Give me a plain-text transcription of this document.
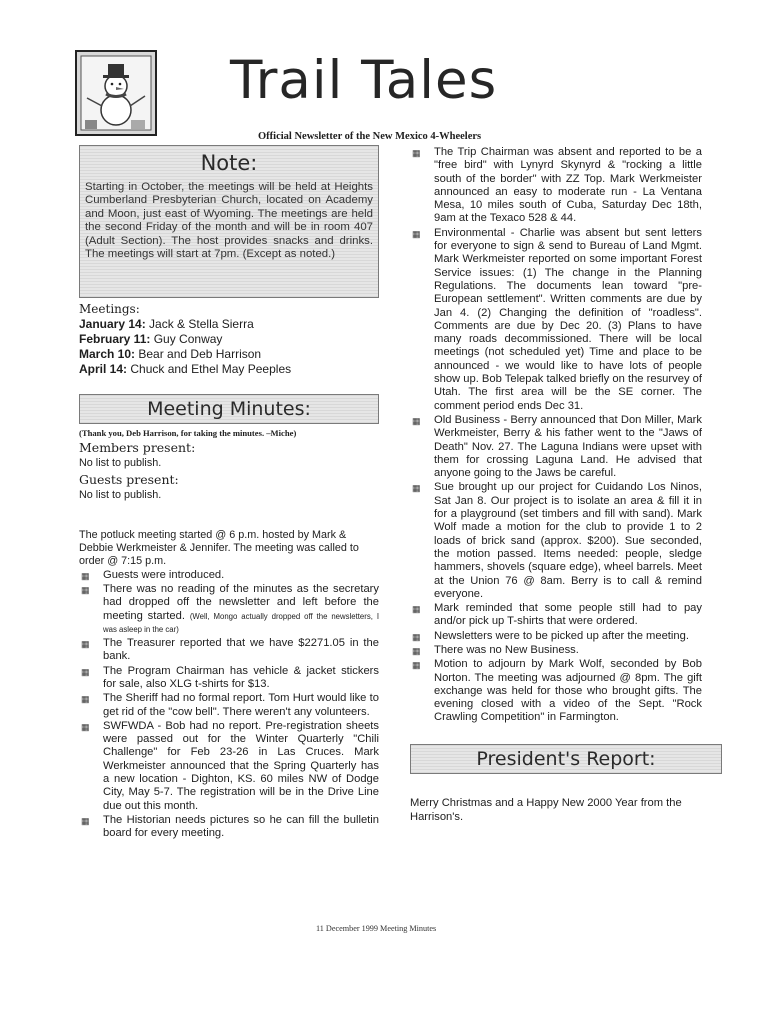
Trail Tales
Official Newsletter of the New Mexico 4-Wheelers
Note:
Starting in October, the meetings will be held at Heights Cumberland Presbyterian Church, located on Academy and Moon, just east of Wyoming. The meetings are held the second Friday of the month and will be in room 407 (Adult Section). The host provides snacks and drinks. The meetings will start at 7pm. (Except as noted.)
Meetings:
January 14: Jack & Stella Sierra
February 11: Guy Conway
March 10: Bear and Deb Harrison
April 14: Chuck and Ethel May Peeples
Meeting Minutes:
(Thank you, Deb Harrison, for taking the minutes. –Miche)
Members present:
No list to publish.
Guests present:
No list to publish.
The potluck meeting started @ 6 p.m. hosted by Mark & Debbie Werkmeister & Jennifer. The meeting was called to order @ 7:15 p.m.
▦	Guests were introduced.
▦	There was no reading of the minutes as the secretary had dropped off the newsletter and left before the meeting started. (Well, Mongo actually dropped off the newsletters, I was asleep in the car)
▦	The Treasurer reported that we have $2271.05 in the bank.
▦	The Program Chairman has vehicle & jacket stickers for sale, also XLG t-shirts for $13.
▦	The Sheriff had no formal report. Tom Hurt would like to get rid of the "cow bell". There weren't any volunteers.
▦	SWFWDA - Bob had no report. Pre-registration sheets were passed out for the Winter Quarterly "Chili Challenge" for Feb 23-26 in Las Cruces. Mark Werkmeister announced that the Spring Quarterly has a new location - Dighton, KS. 60 miles NW of Dodge City, May 5-7. The registration will be in the Drive Line due out this month.
▦	The Historian needs pictures so he can fill the bulletin board for every meeting.
▦	The Trip Chairman was absent and reported to be a "free bird" with Lynyrd Skynyrd & "rocking a little south of the border" with ZZ Top. Mark Werkmeister announced an easy to moderate run - La Ventana Mesa, 10 miles south of Cuba, Saturday Dec 18th, 9am at the Texaco 528 & 44.
▦	Environmental - Charlie was absent but sent letters for everyone to sign & send to Bureau of Land Mgmt. Mark Werkmeister reported on some important Forest Service issues: (1) The change in the Planning Regulations. The documents lean toward "pre-European settlement". Written comments are due by Jan 4. (2) Changing the definition of "roadless". Comments are due by Dec 20. (3) Plans to have many roads decommissioned. There will be local meetings (not scheduled yet) Time and place to be announced - we would like to have lots of people show up. Bob Telepak talked briefly on the resurvey of Utah. The first area will be the SE corner. The comment period ends Dec 31.
▦	Old Business - Berry announced that Don Miller, Mark Werkmeister, Berry & his father went to the "Jaws of Death" Nov. 27. The Laguna Indians were upset with them for crossing Laguna Land. He advised that anyone going to the Jaws be careful.
▦	Sue brought up our project for Cuidando Los Ninos, Sat Jan 8. Our project is to isolate an area & fill it in for a playground (set timbers and fill with sand). Mark Wolf made a motion for the club to provide 1 to 2 loads of brick sand (approx. $200). Sue seconded, the motion passed. Items needed: people, sledge hammers, shovels (square edge), wheel barrels. Meet at the Union 76 @ 8am. Berry is to call & remind everyone.
▦	Mark reminded that some people still had to pay and/or pick up T-shirts that were ordered.
▦	Newsletters were to be picked up after the meeting.
▦	There was no New Business.
▦	Motion to adjourn by Mark Wolf, seconded by Bob Norton. The meeting was adjourned @ 8pm. The gift exchange was held for those who brought gifts. The evening closed with a video of the Sept. "Rock Crawling Competition" in Farmington.
President's Report:
Merry Christmas and a Happy New 2000 Year from the Harrison's.
11 December 1999 Meeting Minutes
